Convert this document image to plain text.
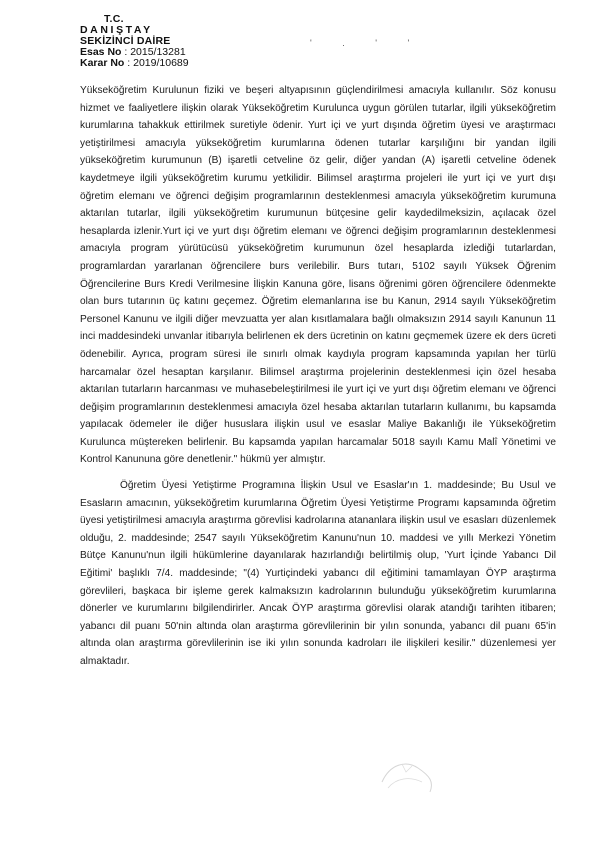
T.C.
DANIŞTAY
SEKİZİNCİ DAİRE
Esas No : 2015/13281
Karar No : 2019/10689
' . ' '

Yükseköğretim Kurulunun fiziki ve beşeri altyapısının güçlendirilmesi amacıyla kullanılır. Söz konusu hizmet ve faaliyetlere ilişkin olarak Yükseköğretim Kurulunca uygun görülen tutarlar, ilgili yükseköğretim kurumlarına tahakkuk ettirilmek suretiyle ödenir. Yurt içi ve yurt dışında öğretim üyesi ve araştırmacı yetiştirilmesi amacıyla yükseköğretim kurumlarına ödenen tutarlar karşılığını bir yandan ilgili yükseköğretim kurumunun (B) işaretli cetveline öz gelir, diğer yandan (A) işaretli cetveline ödenek kaydetmeye ilgili yükseköğretim kurumu yetkilidir. Bilimsel araştırma projeleri ile yurt içi ve yurt dışı öğretim elemanı ve öğrenci değişim programlarının desteklenmesi amacıyla yükseköğretim kurumuna aktarılan tutarlar, ilgili yükseköğretim kurumunun bütçesine gelir kaydedilmeksizin, açılacak özel hesaplarda izlenir.Yurt içi ve yurt dışı öğretim elemanı ve öğrenci değişim programlarının desteklenmesi amacıyla program yürütücüsü yükseköğretim kurumunun özel hesaplarda izlediği tutarlardan, programlardan yararlanan öğrencilere burs verilebilir. Burs tutarı, 5102 sayılı Yüksek Öğrenim Öğrencilerine Burs Kredi Verilmesine İlişkin Kanuna göre, lisans öğrenimi gören öğrencilere ödenmekte olan burs tutarının üç katını geçemez. Öğretim elemanlarına ise bu Kanun, 2914 sayılı Yükseköğretim Personel Kanunu ve ilgili diğer mevzuatta yer alan kısıtlamalara bağlı olmaksızın 2914 sayılı Kanunun 11 inci maddesindeki unvanlar itibarıyla belirlenen ek ders ücretinin on katını geçmemek üzere ek ders ücreti ödenebilir. Ayrıca, program süresi ile sınırlı olmak kaydıyla program kapsamında yapılan her türlü harcamalar özel hesaptan karşılanır. Bilimsel araştırma projelerinin desteklenmesi için özel hesaba aktarılan tutarların harcanması ve muhasebeleştirilmesi ile yurt içi ve yurt dışı öğretim elemanı ve öğrenci değişim programlarının desteklenmesi amacıyla özel hesaba aktarılan tutarların kullanımı, bu kapsamda yapılacak ödemeler ile diğer hususlara ilişkin usul ve esaslar Maliye Bakanlığı ile Yükseköğretim Kurulunca müştereken belirlenir. Bu kapsamda yapılan harcamalar 5018 sayılı Kamu Malî Yönetimi ve Kontrol Kanununa göre denetlenir." hükmü yer almıştır.

Öğretim Üyesi Yetiştirme Programına İlişkin Usul ve Esaslar'ın 1. maddesinde; Bu Usul ve Esasların amacının, yükseköğretim kurumlarına Öğretim Üyesi Yetiştirme Programı kapsamında öğretim üyesi yetiştirilmesi amacıyla araştırma görevlisi kadrolarına atananlara ilişkin usul ve esasları düzenlemek olduğu, 2. maddesinde; 2547 sayılı Yükseköğretim Kanunu'nun 10. maddesi ve yıllı Merkezi Yönetim Bütçe Kanunu'nun ilgili hükümlerine dayanılarak hazırlandığı belirtilmiş olup, 'Yurt İçinde Yabancı Dil Eğitimi' başlıklı 7/4. maddesinde; "(4) Yurtiçindeki yabancı dil eğitimini tamamlayan ÖYP araştırma görevlileri, başkaca bir işleme gerek kalmaksızın kadrolarının bulunduğu yükseköğretim kurumlarına dönerler ve kurumlarını bilgilendirirler. Ancak ÖYP araştırma görevlisi olarak atandığı tarihten itibaren; yabancı dil puanı 50'nin altında olan araştırma görevlilerinin bir yılın sonunda, yabancı dil puanı 65'in altında olan araştırma görevlilerinin ise iki yılın sonunda kadroları ile ilişkileri kesilir." düzenlemesi yer almaktadır.
